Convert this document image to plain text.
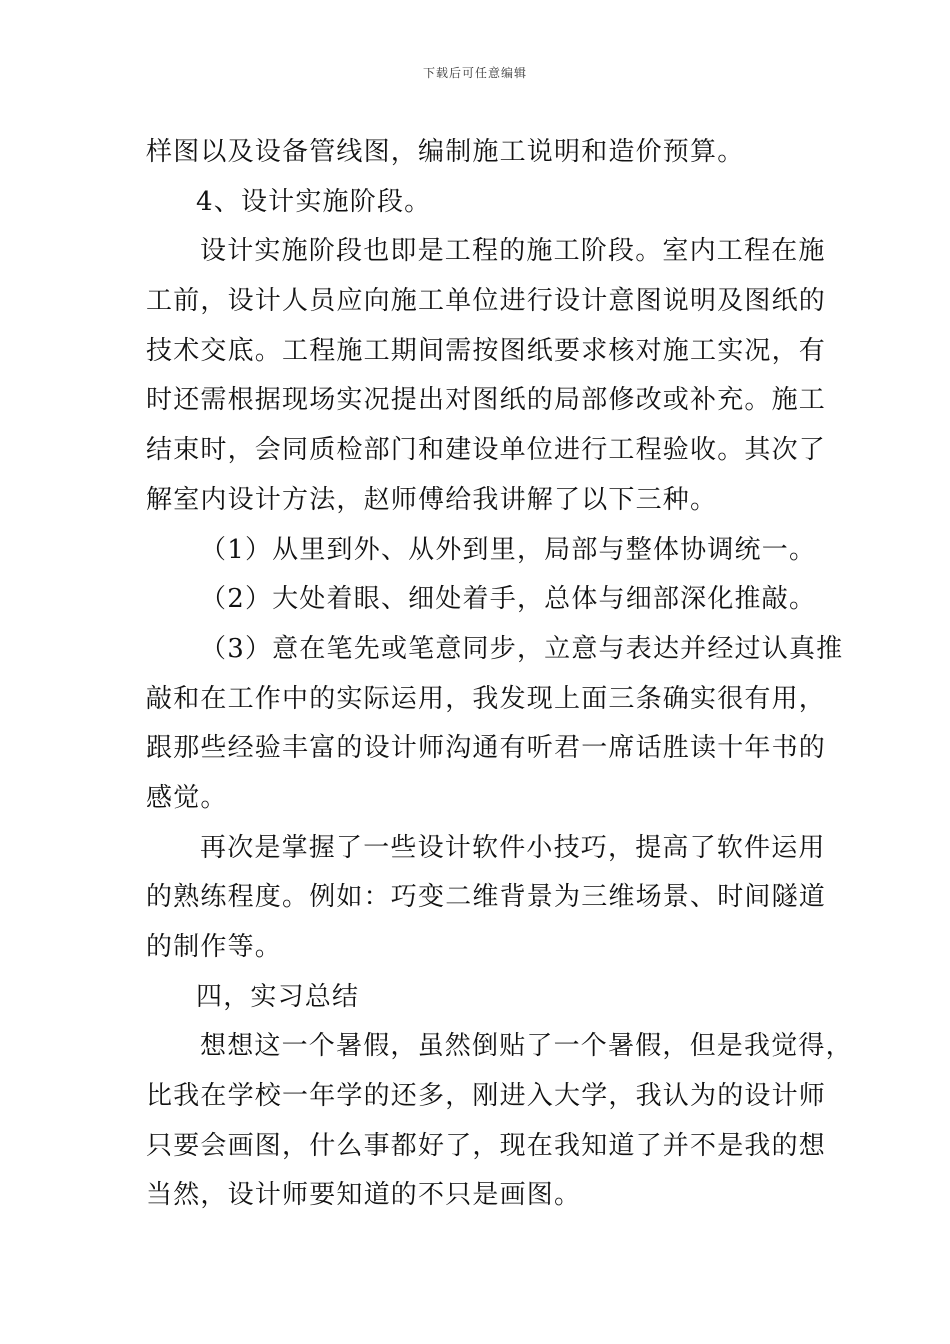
下载后可任意编辑
样图以及设备管线图，编制施工说明和造价预算。
4、设计实施阶段。
设计实施阶段也即是工程的施工阶段。室内工程在施
工前，设计人员应向施工单位进行设计意图说明及图纸的
技术交底。工程施工期间需按图纸要求核对施工实况，有
时还需根据现场实况提出对图纸的局部修改或补充。施工
结束时，会同质检部门和建设单位进行工程验收。其次了
解室内设计方法，赵师傅给我讲解了以下三种。
（1）从里到外、从外到里，局部与整体协调统一。
（2）大处着眼、细处着手，总体与细部深化推敲。
（3）意在笔先或笔意同步，立意与表达并经过认真推
敲和在工作中的实际运用，我发现上面三条确实很有用，
跟那些经验丰富的设计师沟通有听君一席话胜读十年书的
感觉。
再次是掌握了一些设计软件小技巧，提高了软件运用
的熟练程度。例如：巧变二维背景为三维场景、时间隧道
的制作等。
四，实习总结
想想这一个暑假，虽然倒贴了一个暑假，但是我觉得，
比我在学校一年学的还多，刚进入大学，我认为的设计师
只要会画图，什么事都好了，现在我知道了并不是我的想
当然，设计师要知道的不只是画图。
